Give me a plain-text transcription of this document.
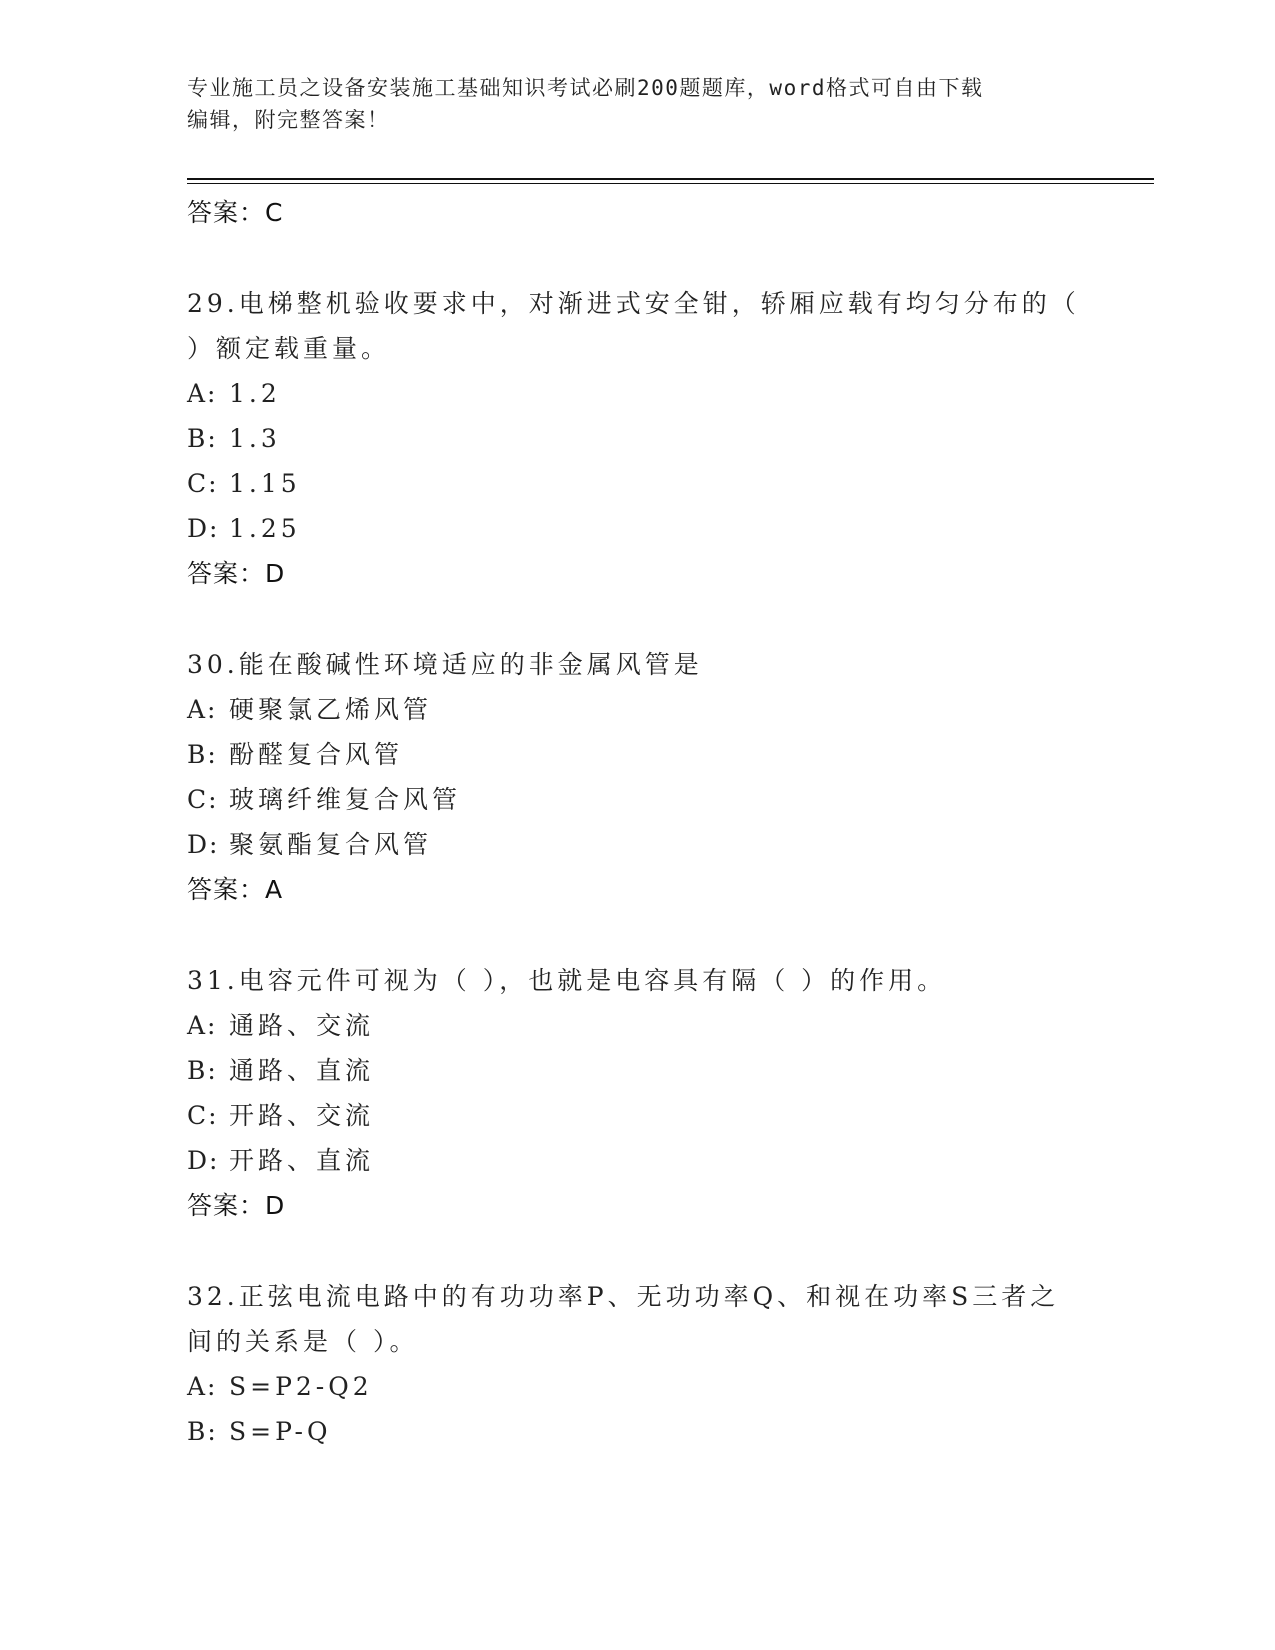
专业施工员之设备安装施工基础知识考试必刷200题题库，word格式可自由下载
编辑，附完整答案！
答案：C
29.电梯整机验收要求中，对渐进式安全钳，轿厢应载有均匀分布的（
）额定载重量。
A: 1.2
B: 1.3
C: 1.15
D: 1.25
答案：D
30.能在酸碱性环境适应的非金属风管是
A: 硬聚氯乙烯风管
B: 酚醛复合风管
C: 玻璃纤维复合风管
D: 聚氨酯复合风管
答案：A
31.电容元件可视为（ ），也就是电容具有隔（ ）的作用。
A: 通路、交流
B: 通路、直流
C: 开路、交流
D: 开路、直流
答案：D
32.正弦电流电路中的有功功率P、无功功率Q、和视在功率S三者之
间的关系是（ ）。
A: S=P2-Q2
B: S=P-Q
